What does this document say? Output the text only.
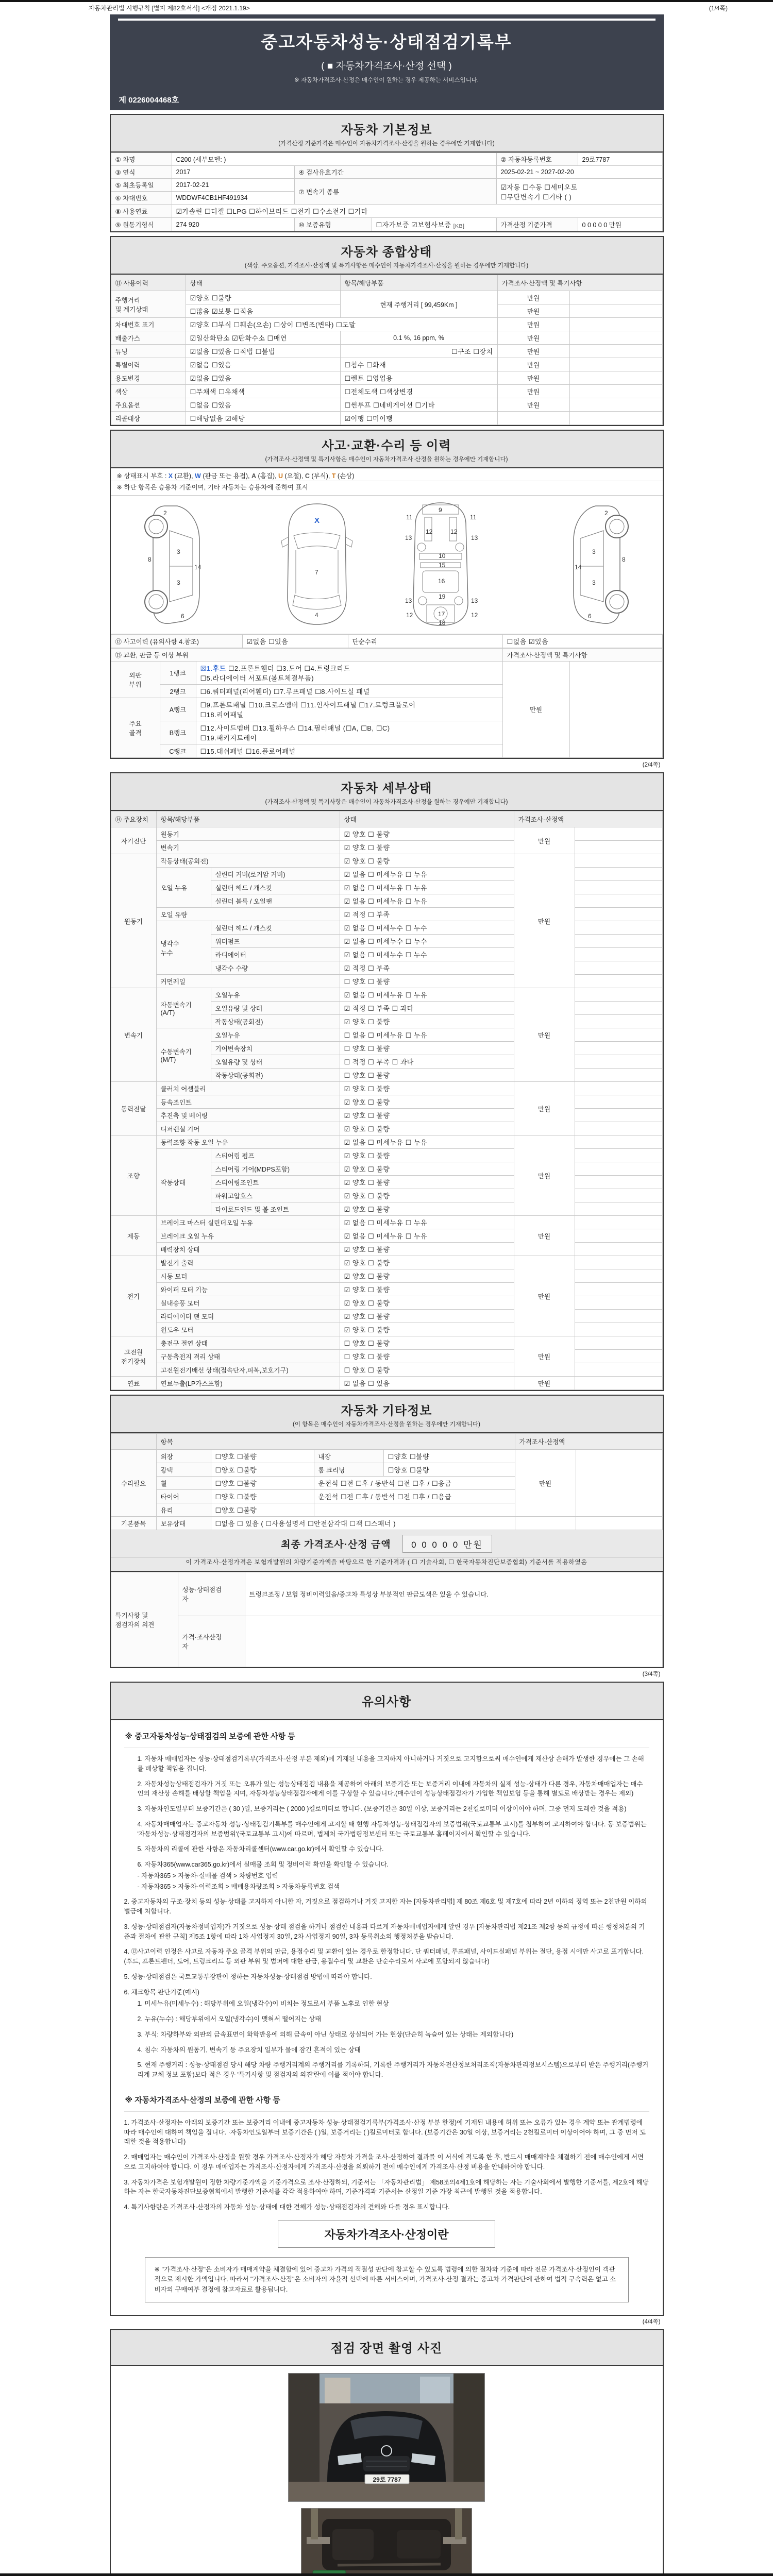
자동차관리법 시행규칙 [별지 제82호서식] <개정 2021.1.19>	(1/4쪽)
중고자동차성능·상태점검기록부
( ■ 자동차가격조사·산정 선택 )
※ 자동차가격조사·산정은 매수인이 원하는 경우 제공하는 서비스입니다.
제 0226004468호
자동차 기본정보
(가격산정 기준가격은 매수인이 자동차가격조사·산정을 원하는 경우에만 기재합니다)
① 차명	C200 (세부모델: )			② 자동차등록번호	29로7787
③ 연식	2017	④ 검사유효기간		2025-02-21 ~ 2027-02-20	
⑤ 최초등록일	2017-02-21	⑦ 변속기 종류		☑자동 ☐수동 ☐세미오토
☐무단변속기 ☐기타 ( )	

⑥ 차대번호	WDDWF4CB1HF491934				
⑧ 사용연료	☑가솔린 ☐디젤 ☐LPG ☐하이브리드 ☐전기 ☐수소전기 ☐기타				
⑨ 원동기형식	274 920	⑩ 보증유형	☐자가보증 ☑보험사보증 [KB]	가격산정 기준가격	0 0 0 0 0 만원
자동차 종합상태
(색상, 주요옵션, 가격조사·산정액 및 특기사항은 매수인이 자동차가격조사·산정을 원하는 경우에만 기재합니다)
⑪ 사용이력	상태	항목/해당부품	가격조사·산정액 및 특기사항	
주행거리
및 계기상태	☑양호 ☐불량	현재 주행거리 [ 99,459Km ]	만원	
	☐많음 ☑보통 ☐적음		만원	
차대번호 표기	☑양호 ☐부식 ☐훼손(오손) ☐상이 ☐변조(변타) ☐도말		만원	
배출가스	☑일산화탄소 ☑탄화수소 ☐매연	0.1 %, 16 ppm, %	만원	
튜닝	☑없음 ☐있음 ☐적법 ☐불법	☐구조 ☐장치	만원	
특별이력	☑없음 ☐있음	☐침수 ☐화재	만원	
용도변경	☑없음 ☐있음	☐렌트 ☐영업용	만원	
색상	☐무채색 ☐유채색	☐전체도색 ☐색상변경	만원	
주요옵션	☐없음 ☐있음	☐썬루프 ☐네비게이션 ☐기타	만원	
리콜대상	☐해당없음 ☑해당	☑이행 ☐미이행		
사고·교환·수리 등 이력
(가격조사·산정액 및 특기사항은 매수인이 자동차가격조사·산정을 원하는 경우에만 기재합니다)
※ 상태표시 부호 : X (교환), W (판금 또는 용접), A (흠집), U (요철), C (부식), T (손상)
※ 하단 항목은 승용차 기준이며, 기타 자동차는 승용차에 준하여 표시
2
8
3
14
3
6
X
7
4
9
11	11
13	13
12	12
10
15
16
19
13	13
17
12	12
18
2
8
3
14
3
6
⑫ 사고이력 (유의사항 4.참조)	☑없음 ☐있음	단순수리	☐없음 ☑있음
⑬ 교환, 판금 등 이상 부위			가격조사·산정액 및 특기사항	
외판
부위	1랭크	
☒1.후드 ☐2.프론트휀더 ☐3.도어 ☐4.트렁크리드
☐5.라디에이터 서포트(볼트체결부품)
	만원	
	2랭크	☐6.쿼터패널(리어휀더) ☐7.루프패널 ☐8.사이드실 패널		
주요
골격	A랭크	
☐9.프론트패널 ☐10.크로스멤버 ☐11.인사이드패널 ☐17.트렁크플로어
☐18.리어패널

	B랭크	☐12.사이드멤버 ☐13.휠하우스 ☐14.필러패널 (☐A, ☐B, ☐C)
☐19.패키지트레이		

	C랭크	☐15.대쉬패널 ☐16.플로어패널		
(2/4쪽)
자동차 세부상태
(가격조사·산정액 및 특기사항은 매수인이 자동차가격조사·산정을 원하는 경우에만 기재합니다)
⑭ 주요장치	항목/해당부품		상태	가격조사·산정액	
자기진단	원동기		☑ 양호 ☐ 불량	만원	
	변속기		☑ 양호 ☐ 불량		
원동기	작동상태(공회전)		☑ 양호 ☐ 불량	만원	
	오일 누유	실린더 커버(로커암 커버)	☑ 없음 ☐ 미세누유 ☐ 누유		
		실린더 헤드 / 개스킷	☑ 없음 ☐ 미세누유 ☐ 누유		
		실린더 블록 / 오일팬	☑ 없음 ☐ 미세누유 ☐ 누유		
	오일 유량		☑ 적정 ☐ 부족		
	냉각수
누수	실린더 헤드 / 개스킷	☑ 없음 ☐ 미세누수 ☐ 누수		
		워터펌프	☑ 없음 ☐ 미세누수 ☐ 누수		
		라디에이터	☑ 없음 ☐ 미세누수 ☐ 누수		
		냉각수 수량	☑ 적정 ☐ 부족		
	커먼레일		☐ 양호 ☐ 불량		
변속기	자동변속기
(A/T)	오일누유	☑ 없음 ☐ 미세누유 ☐ 누유	만원	
		오일유량 및 상태	☑ 적정 ☐ 부족 ☐ 과다		
		작동상태(공회전)	☑ 양호 ☐ 불량		
	수동변속기
(M/T)	오일누유	☐ 없음 ☐ 미세누유 ☐ 누유		
		기어변속장치	☐ 양호 ☐ 불량		
		오일유량 및 상태	☐ 적정 ☐ 부족 ☐ 과다		
		작동상태(공회전)	☐ 양호 ☐ 불량		
동력전달	클러치 어셈블리		☑ 양호 ☐ 불량	만원	
	등속조인트		☑ 양호 ☐ 불량		
	추진축 및 베어링		☑ 양호 ☐ 불량		
	디퍼렌셜 기어		☑ 양호 ☐ 불량		
조향	동력조향 작동 오일 누유		☑ 없음 ☐ 미세누유 ☐ 누유	만원	
	작동상태	스티어링 펌프	☑ 양호 ☐ 불량		
		스티어링 기어(MDPS포함)	☑ 양호 ☐ 불량		
		스티어링조인트	☑ 양호 ☐ 불량		
		파워고압호스	☑ 양호 ☐ 불량		
		타이로드엔드 및 볼 조인트	☑ 양호 ☐ 불량		
제동	브레이크 마스터 실린더오일 누유		☑ 없음 ☐ 미세누유 ☐ 누유	만원	
	브레이크 오일 누유		☑ 없음 ☐ 미세누유 ☐ 누유		
	배력장치 상태		☑ 양호 ☐ 불량		
전기	발전기 출력		☑ 양호 ☐ 불량	만원	
	시동 모터		☑ 양호 ☐ 불량		
	와이퍼 모터 기능		☑ 양호 ☐ 불량		
	실내송풍 모터		☑ 양호 ☐ 불량		
	라디에이터 팬 모터		☑ 양호 ☐ 불량		
	윈도우 모터		☑ 양호 ☐ 불량		
고전원
전기장치	충전구 절연 상태		☐ 양호 ☐ 불량	만원	
	구동축전지 격리 상태		☐ 양호 ☐ 불량		
	고전원전기배선 상태(접속단자,피복,보호기구)		☐ 양호 ☐ 불량		
연료	연료누출(LP가스포함)		☑ 없음 ☐ 있음	만원	
자동차 기타정보
(이 항목은 매수인이 자동차가격조사·산정을 원하는 경우에만 기재합니다)
	항목				가격조사·산정액	
수리필요	외장	☐양호 ☐불량	내장	☐양호 ☐불량	만원	
	광택	☐양호 ☐불량	룸 크리닝	☐양호 ☐불량		
	휠	☐양호 ☐불량	운전석 ☐전 ☐후 / 동반석 ☐전 ☐후 / ☐응급			
	타이어	☐양호 ☐불량	운전석 ☐전 ☐후 / 동반석 ☐전 ☐후 / ☐응급			
	유리	☐양호 ☐불량				
기본품목	보유상태	☐없음 ☐ 있음 ( ☐사용설명서 ☐안전삼각대 ☐잭 ☐스패너 )				
최종 가격조사·산정 금액 0 0 0 0 0 만원
이 가격조사·산정가격은 보험개발원의 차량기준가액을 바탕으로 한 기준가격과 ( ☐ 기술사회, ☐ 한국자동차진단보증협회) 기준서를 적용하였음
특기사항 및
점검자의 의견	성능·상태점검
자	트렁크조정 / 보험 정비이력있음/중고차 특성상 부분적인 판금도색은 있을 수 있습니다.
	가격·조사산정
자	
(3/4쪽)
유의사항
※ 중고자동차성능·상태점검의 보증에 관한 사항 등

1. 자동차 매매업자는 성능·상태점검기록부(가격조사·산정 부분 제외)에 기재된 내용을 고지하지 아니하거나 거짓으로 고지함으로써 매수인에게 재산상 손해가 발생한 경우에는 그 손해를 배상할 책임을 집니다.

2. 자동차성능상태점검자가 거짓 또는 오류가 있는 성능상태점검 내용을 제공하여 아래의 보증기간 또는 보증거리 이내에 자동차의 실제 성능·상태가 다른 경우, 자동차매매업자는 매수인의 재산상 손해를 배상할 책임을 지며, 자동차성능상태점검자에게 이를 구상할 수 있습니다.(매수인이 성능상태점검자가 가입한 책임보험 등을 통해 별도로 배상받는 경우는 제외)

3. 자동차인도일부터 보증기간은 ( 30 )일, 보증거리는 ( 2000 )킬로미터로 합니다. (보증기간은 30일 이상, 보증거리는 2천킬로미터 이상이어야 하며, 그중 먼저 도래한 것을 적용)

4. 자동차매매업자는 중고자동차 성능·상태점검기록부를 매수인에게 고지할 때 현행 자동차성능·상태점검자의 보증범위(국토교통부 고시)를 첨부하여 고지하여야 합니다. 동 보증범위는 '자동차성능·상태점검자의 보증범위'(국토교통부 고시)에 따르며, 법제처 국가법령정보센터 또는 국토교통부 홈페이지에서 확인할 수 있습니다.

5. 자동차의 리콜에 관한 사항은 자동차리콜센터(www.car.go.kr)에서 확인할 수 있습니다.

6. 자동차365(www.car365.go.kr)에서 실매물 조회 및 정비이력 확인을 확인할 수 있습니다.

- 자동차365 > 자동차·실매물 검색 > 차량번호 입력

- 자동차365 > 자동차·이력조회 > 매매용차량조회 > 자동차등록번호 검색

2. 중고자동차의 구조·장치 등의 성능·상태를 고지하지 아니한 자, 거짓으로 점검하거나 거짓 고지한 자는 [자동차관리법] 제 80조 제6호 및 제7호에 따라 2년 이하의 징역 또는 2천만원 이하의 벌금에 처합니다.

3. 성능·상태점검자(자동차정비업자)가 거짓으로 성능·상태 점검을 하거나 점검한 내용과 다르게 자동차매매업자에게 알린 경우 [자동차관리법 제21조 제2항 등의 규정에 따른 행정처분의 기준과 절차에 관한 규칙] 제5조 1항에 따라 1차 사업정지 30일, 2차 사업정지 90일, 3차 등록취소의 행정처분을 받습니다.

4. ⑫사고이력 인정은 사고로 자동차 주요 골격 부위의 판금, 용접수리 및 교환이 있는 경우로 한정합니다. 단 쿼터패널, 루프패널, 사이드실패널 부위는 절단, 용접 시에만 사고로 표기합니다. (후드, 프론트펜더, 도어, 트렁크리드 등 외판 부위 및 범퍼에 대한 판금, 용접수리 및 교환은 단순수리로서 사고에 포함되지 않습니다)

5. 성능·상태점검은 국토교통부장관이 정하는 자동차성능·상태점검 방법에 따라야 합니다.

6. 체크항목 판단기준(예시)

1. 미세누유(미세누수) : 해당부위에 오일(냉각수)이 비치는 정도로서 부품 노후로 인한 현상

2. 누유(누수) : 해당부위에서 오일(냉각수)이 맺혀서 떨어지는 상태

3. 부식: 차량하부와 외판의 금속표면이 화학반응에 의해 금속이 아닌 상태로 상실되어 가는 현상(단순히 녹슬어 있는 상태는 제외합니다)

4. 침수: 자동차의 원동기, 변속기 등 주요장치 일부가 물에 잠긴 흔적이 있는 상태

5. 현재 주행거리 : 성능·상태점검 당시 해당 차량 주행거리계의 주행거리를 기록하되, 기록한 주행거리가 자동차전산정보처리조직(자동차관리정보시스템)으로부터 받은 주행거리(주행거리계 교체 정보 포함)보다 적은 경우 '특기사항 및 점검자의 의견'란에 이를 적어야 합니다.

※ 자동차가격조사·산정의 보증에 관한 사항 등

1. 가격조사·산정자는 아래의 보증기간 또는 보증거리 이내에 중고자동차 성능·상태점검기록부(가격조사·산정 부분 한정)에 기재된 내용에 허위 또는 오류가 있는 경우 계약 또는 관계법령에 따라 매수인에 대하여 책임을 집니다. ·자동차인도일부터 보증기간은 ( )일, 보증거리는 ( )킬로미터로 합니다. (보증기간은 30일 이상, 보증거리는 2천킬로미터 이상이어야 하며, 그 중 먼저 도래한 것을 적용합니다)

2. 매매업자는 매수인이 가격조사·산정을 원할 경우 가격조사·산정자가 해당 자동차 가격을 조사·산정하여 결과를 이 서식에 적도록 한 후, 반드시 매매계약을 체결하기 전에 매수인에게 서면으로 고지하여야 합니다. 이 경우 매매업자는 가격조사·산정자에게 가격조사·산정을 의뢰하기 전에 매수인에게 가격조사·산정 비용을 안내하여야 합니다.

3. 자동차가격은 보험개발원이 정한 차량기준가액을 기준가격으로 조사·산정하되, 기준서는 「자동차관리법」 제58조의4제1호에 해당하는 자는 기술사회에서 발행한 기준서를, 제2호에 해당하는 자는 한국자동차진단보증협회에서 발행한 기준서를 각각 적용하여야 하며, 기준가격과 기준서는 산정일 기준 가장 최근에 발행된 것을 적용합니다.

4. 특기사항란은 가격조사·산정자의 자동차 성능·상태에 대한 견해가 성능·상태점검자의 견해와 다를 경우 표시합니다.

자동차가격조사·산정이란
※ "가격조사·산정"은 소비자가 매매계약을 체결함에 있어 중고차 가격의 적절성 판단에 참고할 수 있도록 법령에 의한 절차와 기준에 따라 전문 가격조사·산정인이 객관적으로 제시한 가액입니다. 따라서 "가격조사·산정"은 소비자의 자율적 선택에 따른 서비스이며, 가격조사·산정 결과는 중고차 가격판단에 관하여 법적 구속력은 없고 소비자의 구매여부 결정에 참고자료로 활용됩니다.
(4/4쪽)
점검 장면 촬영 사진
29로 7787
